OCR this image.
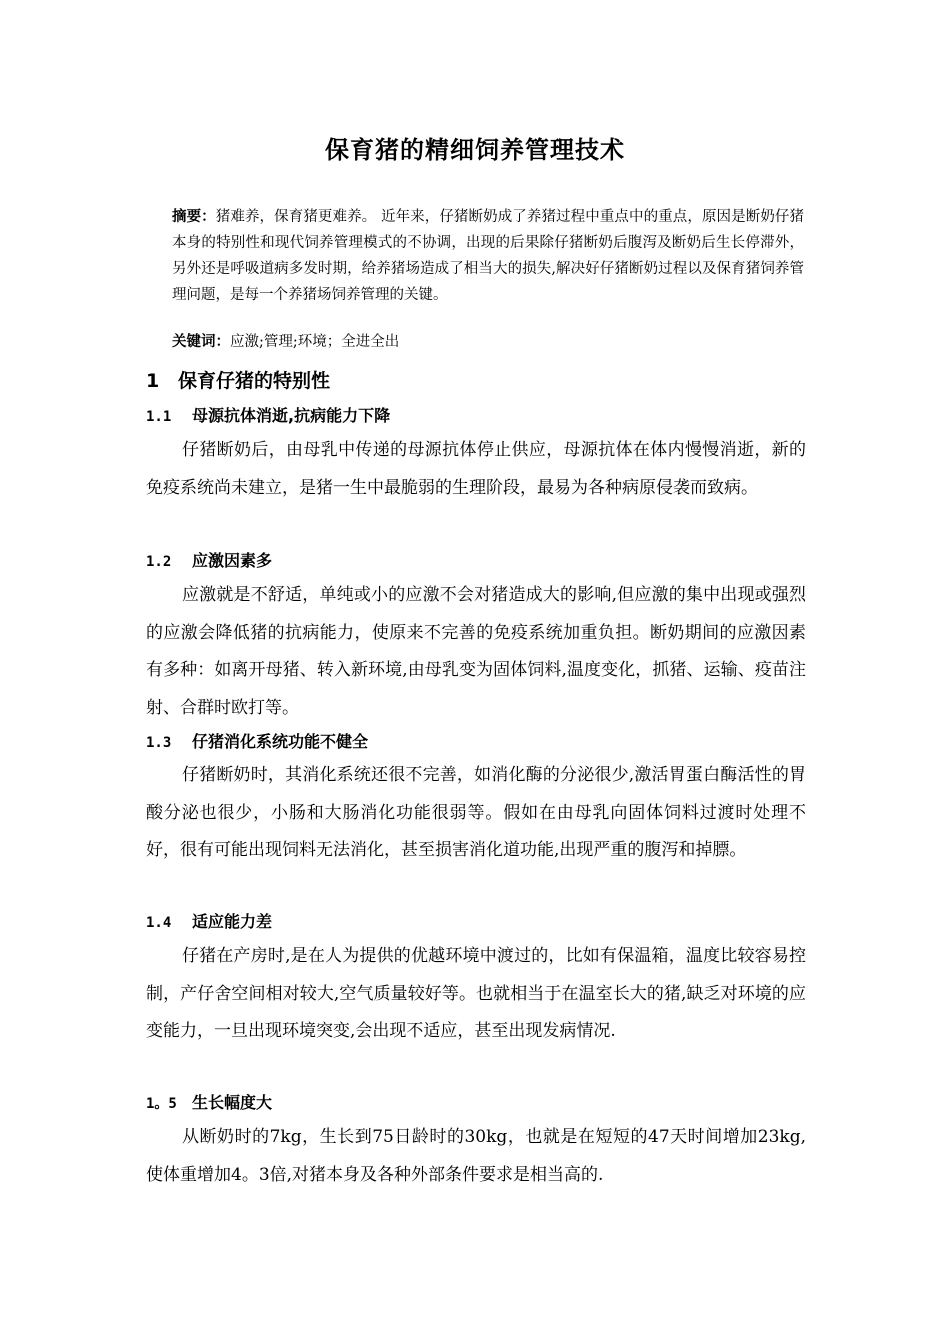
保育猪的精细饲养管理技术

摘要：猪难养，保育猪更难养。 近年来，仔猪断奶成了养猪过程中重点中的重点，原因是断奶仔猪本身的特别性和现代饲养管理模式的不协调，出现的后果除仔猪断奶后腹泻及断奶后生长停滞外，另外还是呼吸道病多发时期，给养猪场造成了相当大的损失,解决好仔猪断奶过程以及保育猪饲养管理问题，是每一个养猪场饲养管理的关键。

关键词：应激;管理;环境；全进全出

1 保育仔猪的特别性
1.1 母源抗体消逝,抗病能力下降

仔猪断奶后，由母乳中传递的母源抗体停止供应，母源抗体在体内慢慢消逝，新的免疫系统尚未建立，是猪一生中最脆弱的生理阶段，最易为各种病原侵袭而致病。

1.2 应激因素多

应激就是不舒适，单纯或小的应激不会对猪造成大的影响,但应激的集中出现或强烈的应激会降低猪的抗病能力，使原来不完善的免疫系统加重负担。断奶期间的应激因素有多种：如离开母猪、转入新环境,由母乳变为固体饲料,温度变化，抓猪、运输、疫苗注射、合群时欧打等。

1.3 仔猪消化系统功能不健全

仔猪断奶时，其消化系统还很不完善，如消化酶的分泌很少,激活胃蛋白酶活性的胃酸分泌也很少，小肠和大肠消化功能很弱等。假如在由母乳向固体饲料过渡时处理不好，很有可能出现饲料无法消化，甚至损害消化道功能,出现严重的腹泻和掉膘。

1.4 适应能力差

仔猪在产房时,是在人为提供的优越环境中渡过的，比如有保温箱，温度比较容易控制，产仔舍空间相对较大,空气质量较好等。也就相当于在温室长大的猪,缺乏对环境的应变能力，一旦出现环境突变,会出现不适应，甚至出现发病情况.

1。5 生长幅度大

从断奶时的7kg，生长到75日龄时的30kg，也就是在短短的47天时间增加23kg,使体重增加4。3倍,对猪本身及各种外部条件要求是相当高的.
